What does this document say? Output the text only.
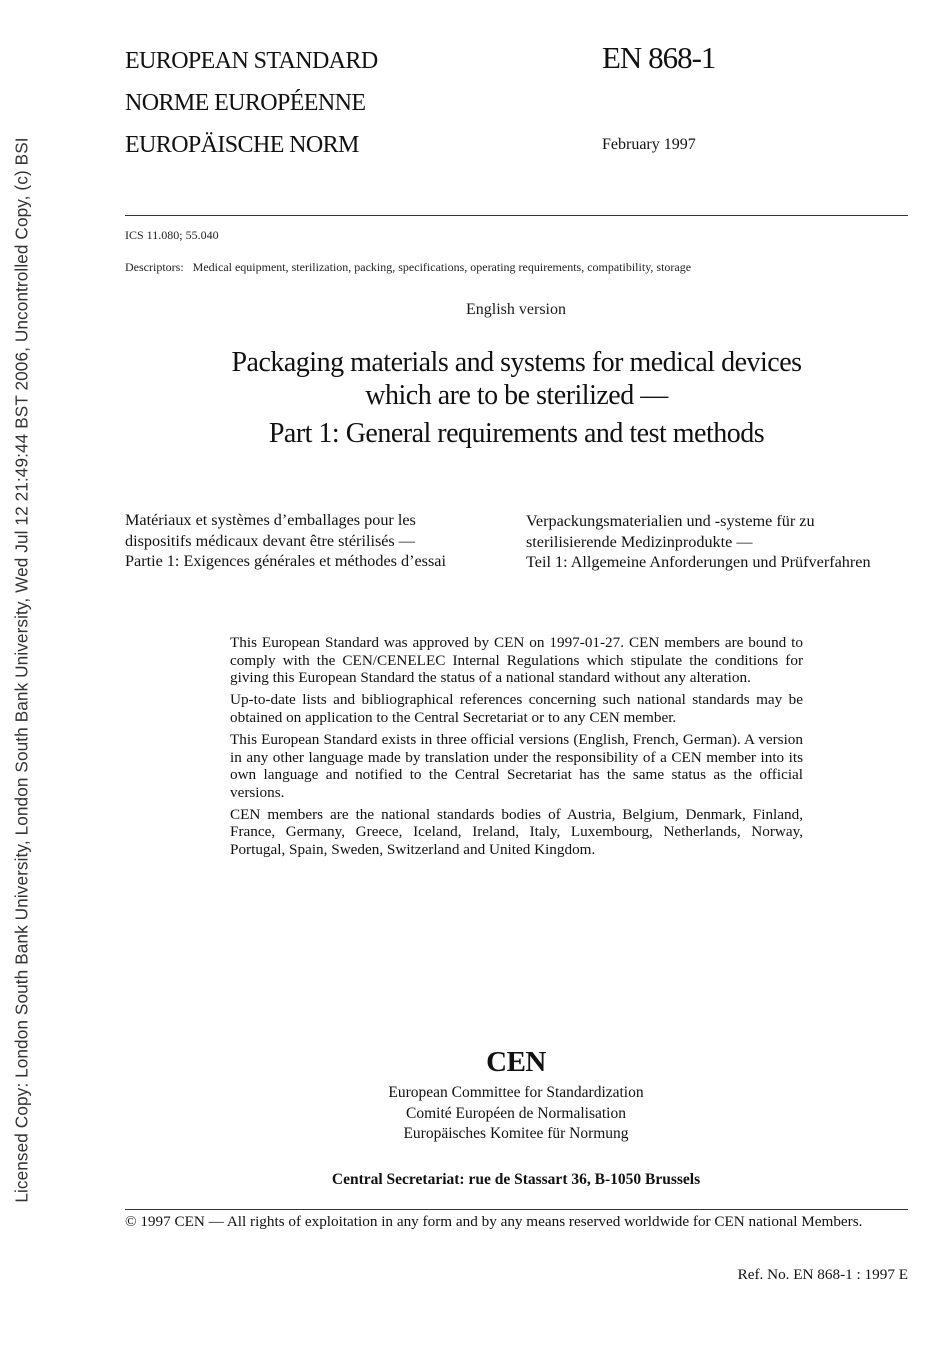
Licensed Copy: London South Bank University, London South Bank University, Wed Jul 12 21:49:44 BST 2006, Uncontrolled Copy, (c) BSI
EUROPEAN STANDARD
NORME EUROPÉENNE
EUROPÄISCHE NORM
EN 868-1
February 1997
ICS 11.080; 55.040
Descriptors: Medical equipment, sterilization, packing, specifications, operating requirements, compatibility, storage
English version
Packaging materials and systems for medical devices
which are to be sterilized —
Part 1: General requirements and test methods
Matériaux et systèmes d’emballages pour les
dispositifs médicaux devant être stérilisés —
Partie 1: Exigences générales et méthodes d’essai
Verpackungsmaterialien und -systeme für zu
sterilisierende Medizinprodukte —
Teil 1: Allgemeine Anforderungen und Prüfverfahren

This European Standard was approved by CEN on 1997-01-27. CEN members are bound to comply with the CEN/CENELEC Internal Regulations which stipulate the conditions for giving this European Standard the status of a national standard without any alteration.

Up-to-date lists and bibliographical references concerning such national standards may be obtained on application to the Central Secretariat or to any CEN member.

This European Standard exists in three official versions (English, French, German). A version in any other language made by translation under the responsibility of a CEN member into its own language and notified to the Central Secretariat has the same status as the official versions.

CEN members are the national standards bodies of Austria, Belgium, Denmark, Finland, France, Germany, Greece, Iceland, Ireland, Italy, Luxembourg, Netherlands, Norway, Portugal, Spain, Sweden, Switzerland and United Kingdom.

CEN
European Committee for Standardization
Comité Européen de Normalisation
Europäisches Komitee für Normung
Central Secretariat: rue de Stassart 36, B-1050 Brussels
© 1997 CEN — All rights of exploitation in any form and by any means reserved worldwide for CEN national Members.
Ref. No. EN 868-1 : 1997 E
